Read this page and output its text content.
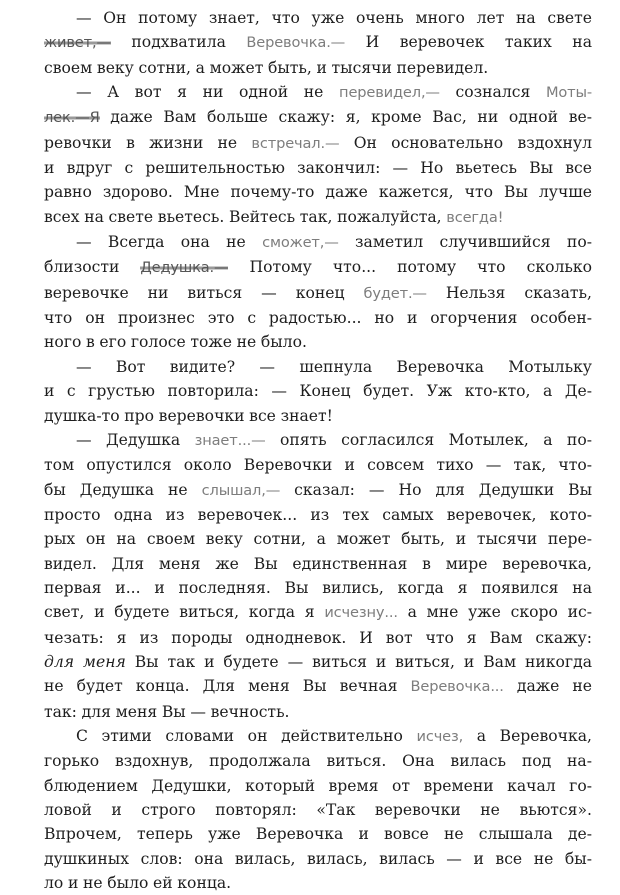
— Он потому знает, что уже очень много лет на свете
живет,— подхватила Веревочка.— И веревочек таких на
своем веку сотни, а может быть, и тысячи перевидел.
— А вот я ни одной не перевидел,— сознался Моты-
лек.—Я даже Вам больше скажу: я, кроме Вас, ни одной ве-
ревочки в жизни не встречал.— Он основательно вздохнул
и вдруг с решительностью закончил: — Но вьетесь Вы все
равно здорово. Мне почему-то даже кажется, что Вы лучше
всех на свете вьетесь. Вейтесь так, пожалуйста, всегда!
— Всегда она не сможет,— заметил случившийся по-
близости Дедушка.— Потому что... потому что сколько
веревочке ни виться — конец будет.— Нельзя сказать,
что он произнес это с радостью... но и огорчения особен-
ного в его голосе тоже не было.
— Вот видите? — шепнула Веревочка Мотыльку
и с грустью повторила: — Конец будет. Уж кто-кто, а Де-
душка-то про веревочки все знает!
— Дедушка знает...— опять согласился Мотылек, а по-
том опустился около Веревочки и совсем тихо — так, что-
бы Дедушка не слышал,— сказал: — Но для Дедушки Вы
просто одна из веревочек... из тех самых веревочек, кото-
рых он на своем веку сотни, а может быть, и тысячи пере-
видел. Для меня же Вы единственная в мире веревочка,
первая и... и последняя. Вы вились, когда я появился на
свет, и будете виться, когда я исчезну... а мне уже скоро ис-
чезать: я из породы однодневок. И вот что я Вам скажу:
для меня Вы так и будете — виться и виться, и Вам никогда
не будет конца. Для меня Вы вечная Веревочка... даже не
так: для меня Вы — вечность.
С этими словами он действительно исчез, а Веревочка,
горько вздохнув, продолжала виться. Она вилась под на-
блюдением Дедушки, который время от времени качал го-
ловой и строго повторял: «Так веревочки не вьются».
Впрочем, теперь уже Веревочка и вовсе не слышала де-
душкиных слов: она вилась, вилась, вилась — и все не бы-
ло и не было ей конца.
